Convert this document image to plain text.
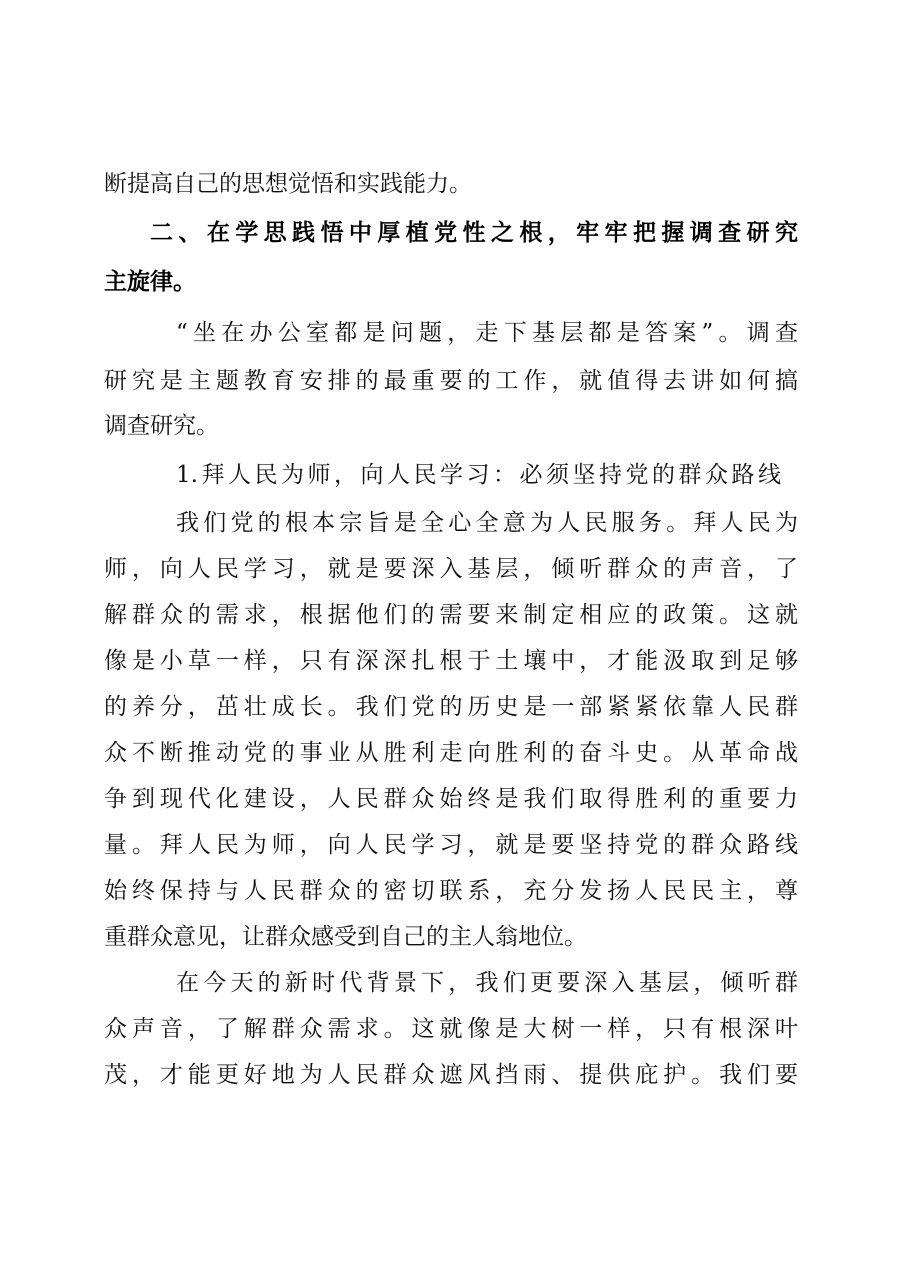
断提高自己的思想觉悟和实践能力。

二、在学思践悟中厚植党性之根，牢牢把握调查研究

主旋律。

“坐在办公室都是问题，走下基层都是答案”。调查

研究是主题教育安排的最重要的工作，就值得去讲如何搞

调查研究。

1.拜人民为师，向人民学习：必须坚持党的群众路线

我们党的根本宗旨是全心全意为人民服务。拜人民为

师，向人民学习，就是要深入基层，倾听群众的声音，了

解群众的需求，根据他们的需要来制定相应的政策。这就

像是小草一样，只有深深扎根于土壤中，才能汲取到足够

的养分，茁壮成长。我们党的历史是一部紧紧依靠人民群

众不断推动党的事业从胜利走向胜利的奋斗史。从革命战

争到现代化建设，人民群众始终是我们取得胜利的重要力

量。拜人民为师，向人民学习，就是要坚持党的群众路线

始终保持与人民群众的密切联系，充分发扬人民民主，尊

重群众意见，让群众感受到自己的主人翁地位。

在今天的新时代背景下，我们更要深入基层，倾听群

众声音，了解群众需求。这就像是大树一样，只有根深叶

茂，才能更好地为人民群众遮风挡雨、提供庇护。我们要
